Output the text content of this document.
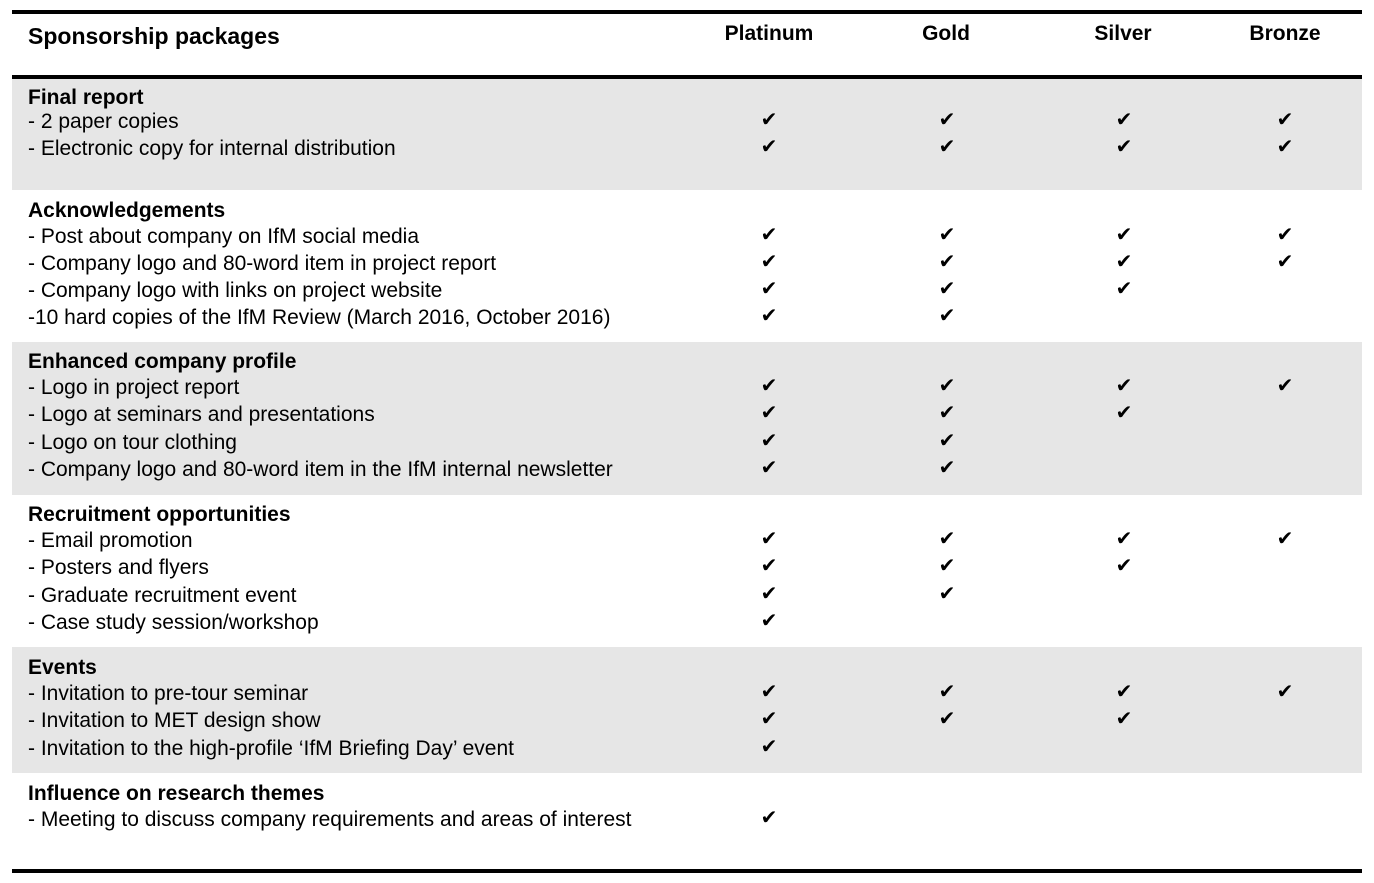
Sponsorship packages	Platinum	Gold	Silver	Bronze
Final report
- 2 paper copies	✔	✔	✔	✔
- Electronic copy for internal distribution	✔	✔	✔	✔
Acknowledgements
- Post about company on IfM social media	✔	✔	✔	✔
- Company logo and 80-word item in project report	✔	✔	✔	✔
- Company logo with links on project website	✔	✔	✔
-10 hard copies of the IfM Review (March 2016, October 2016)	✔	✔
Enhanced company profile
- Logo in project report	✔	✔	✔	✔
- Logo at seminars and presentations	✔	✔	✔
- Logo on tour clothing	✔	✔
- Company logo and 80-word item in the IfM internal newsletter	✔	✔
Recruitment opportunities
- Email promotion	✔	✔	✔	✔
- Posters and flyers	✔	✔	✔
- Graduate recruitment event	✔	✔
- Case study session/workshop	✔
Events
- Invitation to pre-tour seminar	✔	✔	✔	✔
- Invitation to MET design show	✔	✔	✔
- Invitation to the high-profile ‘IfM Briefing Day’ event	✔
Influence on research themes
- Meeting to discuss company requirements and areas of interest	✔
